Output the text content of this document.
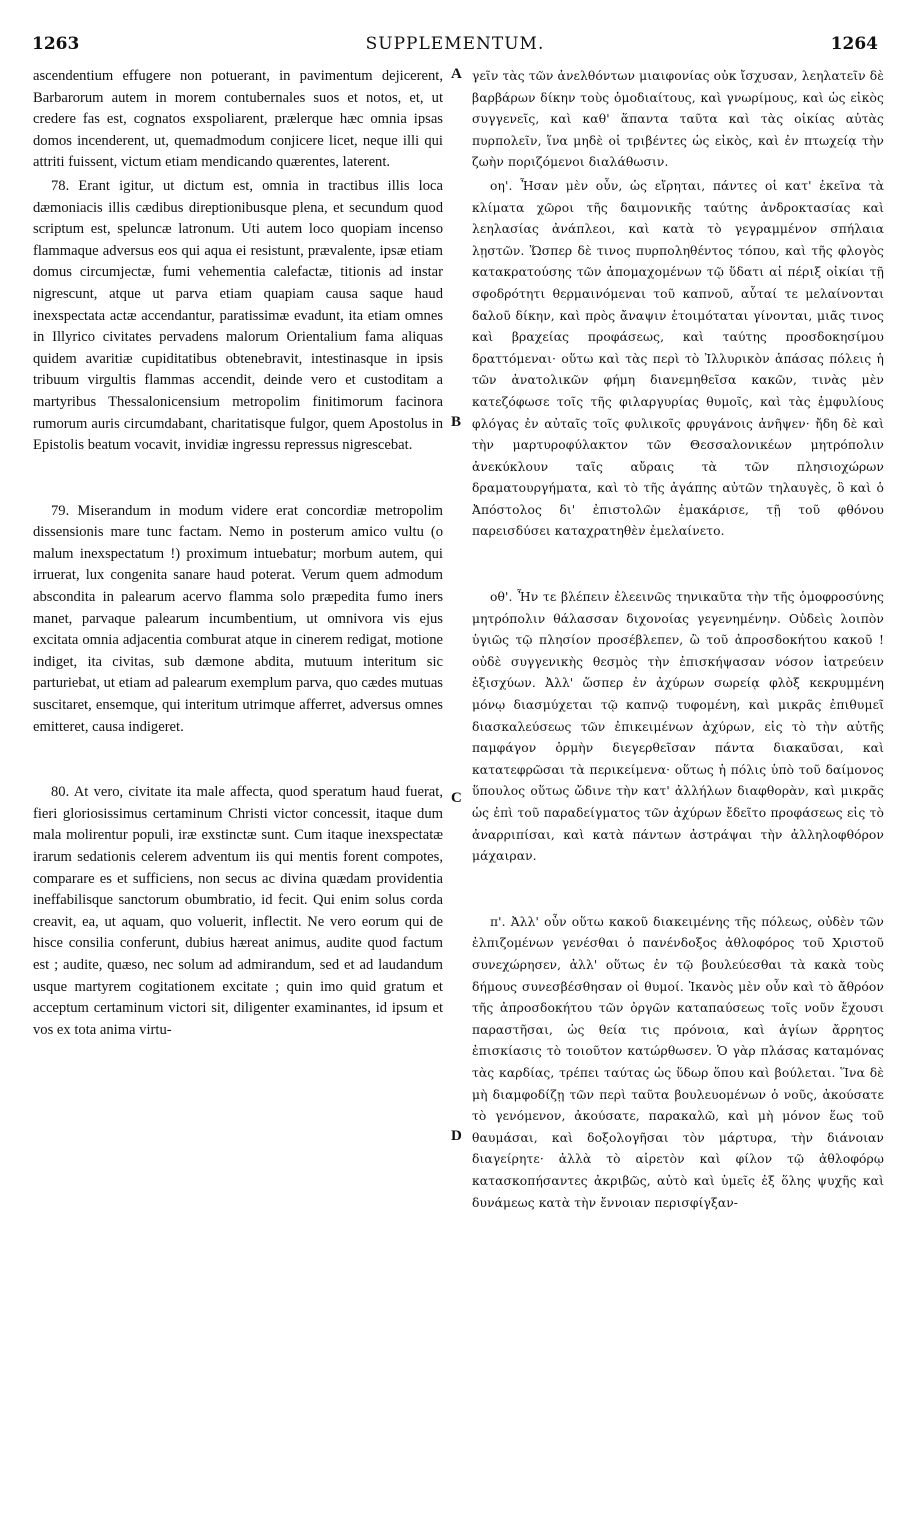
1263	SUPPLEMENTUM.	1264
A
B
C
D

ascendentium effugere non potuerant, in pavimentum dejicerent, Barbarorum autem in morem contubernales suos et notos, et, ut credere fas est, cognatos exspoliarent, prælerque hæc omnia ipsas domos incenderent, ut, quemadmodum conjicere licet, neque illi qui attriti fuissent, victum etiam mendicando quærentes, laterent.

78. Erant igitur, ut dictum est, omnia in tractibus illis loca dæmoniacis illis cædibus direptionibusque plena, et secundum quod scriptum est, speluncæ latronum. Uti autem loco quopiam incenso flammaque adversus eos qui aqua ei resistunt, prævalente, ipsæ etiam domus circumjectæ, fumi vehementia calefactæ, titionis ad instar nigrescunt, atque ut parva etiam quapiam causa saque haud inexspectata actæ accendantur, paratissimæ evadunt, ita etiam omnes in Illyrico civitates pervadens malorum Orientalium fama aliquas quidem avaritiæ cupiditatibus obtenebravit, intestinasque in ipsis tribuum virgultis flammas accendit, deinde vero et custoditam a martyribus Thessalonicensium metropolim finitimorum facinora rumorum auris circumdabant, charitatisque fulgor, quem Apostolus in Epistolis beatum vocavit, invidiæ ingressu repressus nigrescebat.

79. Miserandum in modum videre erat concordiæ metropolim dissensionis mare tunc factam. Nemo in posterum amico vultu (o malum inexspectatum !) proximum intuebatur; morbum autem, qui irruerat, lux congenita sanare haud poterat. Verum quem admodum abscondita in palearum acervo flamma solo præpedita fumo iners manet, parvaque palearum incumbentium, ut omnivora vis ejus excitata omnia adjacentia comburat atque in cinerem redigat, motione indiget, ita civitas, sub dæmone abdita, mutuum interitum sic parturiebat, ut etiam ad palearum exemplum parva, quo cædes mutuas suscitaret, ensemque, qui interitum utrimque afferret, adversus omnes emitteret, causa indigeret.

80. At vero, civitate ita male affecta, quod speratum haud fuerat, fieri gloriosissimus certaminum Christi victor concessit, itaque dum mala molirentur populi, iræ exstinctæ sunt. Cum itaque inexspectatæ irarum sedationis celerem adventum iis qui mentis forent compotes, comparare es et sufficiens, non secus ac divina quædam providentia ineffabilisque sanctorum obumbratio, id fecit. Qui enim solus corda creavit, ea, ut aquam, quo voluerit, inflectit. Ne vero eorum qui de hisce consilia conferunt, dubius hæreat animus, audite quod factum est ; audite, quæso, nec solum ad admirandum, sed et ad laudandum usque martyrem cogitationem excitate ; quin imo quid gratum et acceptum certaminum victori sit, diligenter examinantes, id ipsum et vos ex tota anima virtu-

γεῖν τὰς τῶν ἀνελθόντων μιαιφονίας οὐκ ἴσχυσαν, λεηλατεῖν δὲ βαρβάρων δίκην τοὺς ὁμοδιαίτους, καὶ γνωρίμους, καὶ ὡς εἰκὸς συγγενεῖς, καὶ καθ' ἅπαντα ταῦτα καὶ τὰς οἰκίας αὐτὰς πυρπολεῖν, ἵνα μηδὲ οἱ τριβέντες ὡς εἰκὸς, καὶ ἐν πτωχείᾳ τὴν ζωὴν ποριζόμενοι διαλάθωσιν.

οη'. Ἦσαν μὲν οὖν, ὡς εἴρηται, πάντες οἱ κατ' ἐκεῖνα τὰ κλίματα χῶροι τῆς δαιμονικῆς ταύτης ἀνδροκτασίας καὶ λεηλασίας ἀνάπλεοι, καὶ κατὰ τὸ γεγραμμένον σπήλαια λῃστῶν. Ὥσπερ δὲ τινος πυρποληθέντος τόπου, καὶ τῆς φλογὸς κατακρατούσης τῶν ἀπομαχομένων τῷ ὕδατι αἱ πέριξ οἰκίαι τῇ σφοδρότητι θερμαινόμεναι τοῦ καπνοῦ, αὗταί τε μελαίνονται δαλοῦ δίκην, καὶ πρὸς ἄναψιν ἑτοιμόταται γίνονται, μιᾶς τινος καὶ βραχείας προφάσεως, καὶ ταύτης προσδοκησίμου δραττόμεναι· οὕτω καὶ τὰς περὶ τὸ Ἰλλυρικὸν ἁπάσας πόλεις ἡ τῶν ἀνατολικῶν φήμη διανεμηθεῖσα κακῶν, τινὰς μὲν κατεζόφωσε τοῖς τῆς φιλαργυρίας θυμοῖς, καὶ τὰς ἐμφυλίους φλόγας ἐν αὐταῖς τοῖς φυλικοῖς φρυγάνοις ἀνῆψεν· ἤδη δὲ καὶ τὴν μαρτυροφύλακτον τῶν Θεσσαλονικέων μητρόπολιν ἀνεκύκλουν ταῖς αὔραις τὰ τῶν πλησιοχώρων δραματουργήματα, καὶ τὸ τῆς ἀγάπης αὐτῶν τηλαυγὲς, ὃ καὶ ὁ Ἀπόστολος δι' ἐπιστολῶν ἐμακάρισε, τῇ τοῦ φθόνου παρεισδύσει καταχρατηθὲν ἐμελαίνετο.

οθ'. Ἦν τε βλέπειν ἐλεεινῶς τηνικαῦτα τὴν τῆς ὁμοφροσύνης μητρόπολιν θάλασσαν διχονοίας γεγενημένην. Οὐδεὶς λοιπὸν ὑγιῶς τῷ πλησίον προσέβλεπεν, ὢ τοῦ ἀπροσδοκήτου κακοῦ ! οὐδὲ συγγενικὴς θεσμὸς τὴν ἐπισκήψασαν νόσον ἰατρεύειν ἐξισχύων. Ἀλλ' ὥσπερ ἐν ἀχύρων σωρείᾳ φλὸξ κεκρυμμένη μόνῳ διασμύχεται τῷ καπνῷ τυφομένη, καὶ μικρᾶς ἐπιθυμεῖ διασκαλεύσεως τῶν ἐπικειμένων ἀχύρων, εἰς τὸ τὴν αὐτῆς παμφάγον ὁρμὴν διεγερθεῖσαν πάντα διακαῦσαι, καὶ κατατεφρῶσαι τὰ περικείμενα· οὕτως ἡ πόλις ὑπὸ τοῦ δαίμονος ὕπουλος οὕτως ὤδινε τὴν κατ' ἀλλήλων διαφθορὰν, καὶ μικρᾶς ὡς ἐπὶ τοῦ παραδείγματος τῶν ἀχύρων ἔδεῖτο προφάσεως εἰς τὸ ἀναρριπίσαι, καὶ κατὰ πάντων ἀστράψαι τὴν ἀλληλοφθόρον μάχαιραν.

π'. Ἀλλ' οὖν οὕτω κακοῦ διακειμένης τῆς πόλεως, οὐδὲν τῶν ἐλπιζομένων γενέσθαι ὁ πανένδοξος ἀθλοφόρος τοῦ Χριστοῦ συνεχώρησεν, ἀλλ' οὕτως ἐν τῷ βουλεύεσθαι τὰ κακὰ τοὺς δήμους συνεσβέσθησαν οἱ θυμοί. Ἱκανὸς μὲν οὖν καὶ τὸ ἄθρόον τῆς ἀπροσδοκήτου τῶν ὀργῶν καταπαύσεως τοῖς νοῦν ἔχουσι παραστῆσαι, ὡς θεία τις πρόνοια, καὶ ἁγίων ἄρρητος ἐπισκίασις τὸ τοιοῦτον κατώρθωσεν. Ὁ γὰρ πλάσας καταμόνας τὰς καρδίας, τρέπει ταύτας ὡς ὕδωρ ὅπου καὶ βούλεται. Ἵνα δὲ μὴ διαμφοδίζῃ τῶν περὶ ταῦτα βουλευομένων ὁ νοῦς, ἀκούσατε τὸ γενόμενον, ἀκούσατε, παρακαλῶ, καὶ μὴ μόνον ἕως τοῦ θαυμάσαι, καὶ δοξολογῆσαι τὸν μάρτυρα, τὴν διάνοιαν διαγείρητε· ἀλλὰ τὸ αἱρετὸν καὶ φίλον τῷ ἀθλοφόρῳ κατασκοπήσαντες ἀκριβῶς, αὐτὸ καὶ ὑμεῖς ἐξ ὅλης ψυχῆς καὶ δυνάμεως κατὰ τὴν ἔννοιαν περισφίγξαν-
